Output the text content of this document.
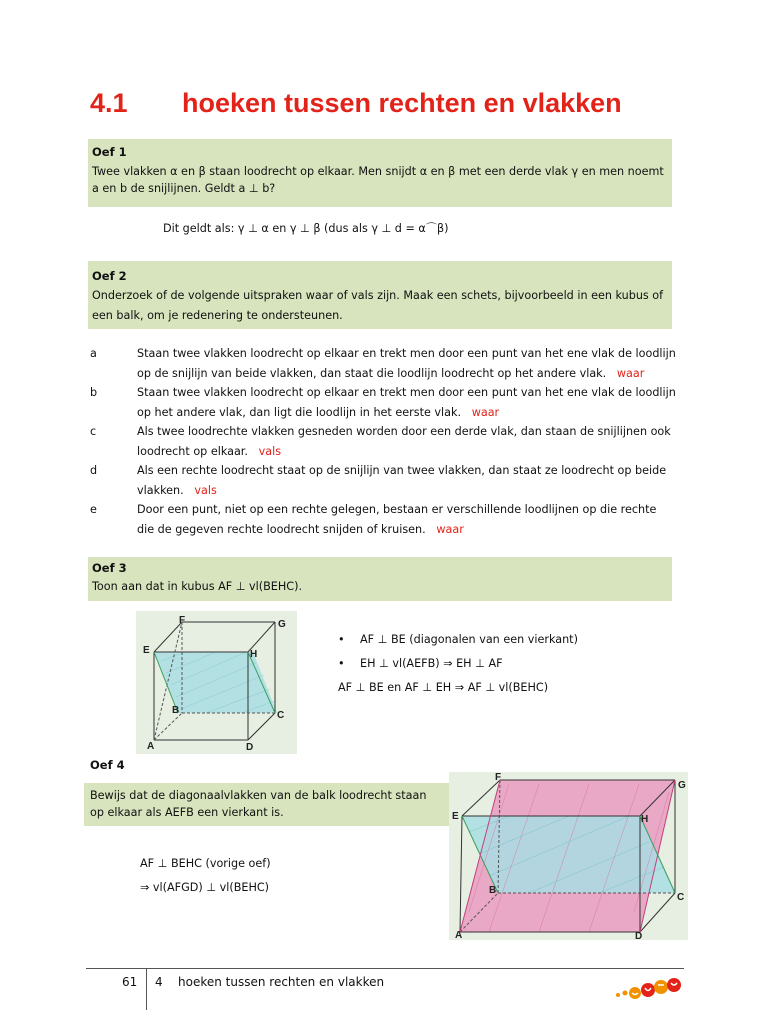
4.1 hoeken tussen rechten en vlakken
Oef 1
Twee vlakken α en β staan loodrecht op elkaar. Men snijdt α en β met een derde vlak γ en men noemt
a en b de snijlijnen. Geldt a ⊥ b?
Dit geldt als: γ ⊥ α en γ ⊥ β (dus als γ ⊥ d = α⌒β)
Oef 2
Onderzoek of de volgende uitspraken waar of vals zijn. Maak een schets, bijvoorbeeld in een kubus of
een balk, om je redenering te ondersteunen.
a	Staan twee vlakken loodrecht op elkaar en trekt men door een punt van het ene vlak de loodlijn
op de snijlijn van beide vlakken, dan staat die loodlijn loodrecht op het andere vlak. waar
b	Staan twee vlakken loodrecht op elkaar en trekt men door een punt van het ene vlak de loodlijn
op het andere vlak, dan ligt die loodlijn in het eerste vlak. waar
c	Als twee loodrechte vlakken gesneden worden door een derde vlak, dan staan de snijlijnen ook
loodrecht op elkaar. vals
d	Als een rechte loodrecht staat op de snijlijn van twee vlakken, dan staat ze loodrecht op beide
vlakken. vals
e	Door een punt, niet op een rechte gelegen, bestaan er verschillende loodlijnen op die rechte
die de gegeven rechte loodrecht snijden of kruisen. waar
Oef 3
Toon aan dat in kubus AF ⊥ vl(BEHC).
F	G
E	H
B	C
A	D
• AF ⊥ BE (diagonalen van een vierkant)
• EH ⊥ vl(AEFB) ⇒ EH ⊥ AF
AF ⊥ BE en AF ⊥ EH ⇒ AF ⊥ vl(BEHC)
Oef 4
Bewijs dat de diagonaalvlakken van de balk loodrecht staan
op elkaar als AEFB een vierkant is.
AF ⊥ BEHC (vorige oef)
⇒ vl(AFGD) ⊥ vl(BEHC)
F
G
E	H
B
C
A	D
61 4 hoeken tussen rechten en vlakken
